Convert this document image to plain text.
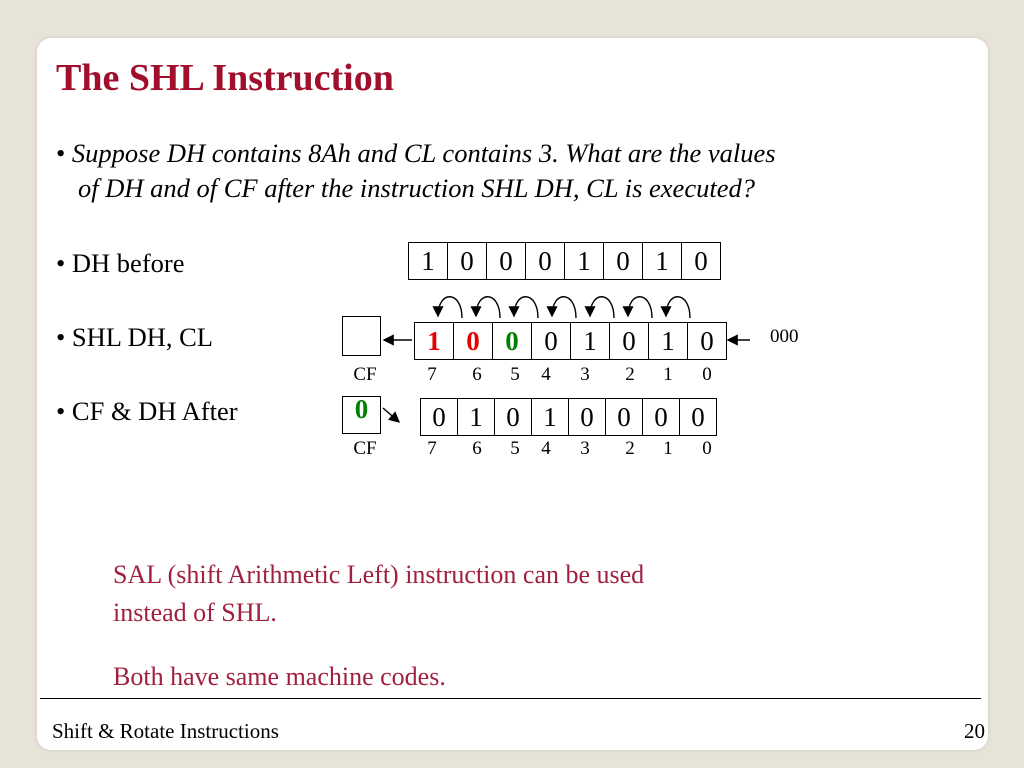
The SHL Instruction
• Suppose DH contains 8Ah and CL contains 3. What are the values
of DH and of CF after the instruction SHL DH, CL is executed?
• DH before
• SHL DH, CL
• CF & DH After
1 0 0 0 1 0 1 0
1 0 0 0 1 0 1 0	000
CF	7 6 5 4 3 2 1 0
0	0 1 0 1 0 0 0 0
CF	7 6 5 4 3 2 1 0
SAL (shift Arithmetic Left) instruction can be used
instead of SHL.
Both have same machine codes.
Shift & Rotate Instructions	20
